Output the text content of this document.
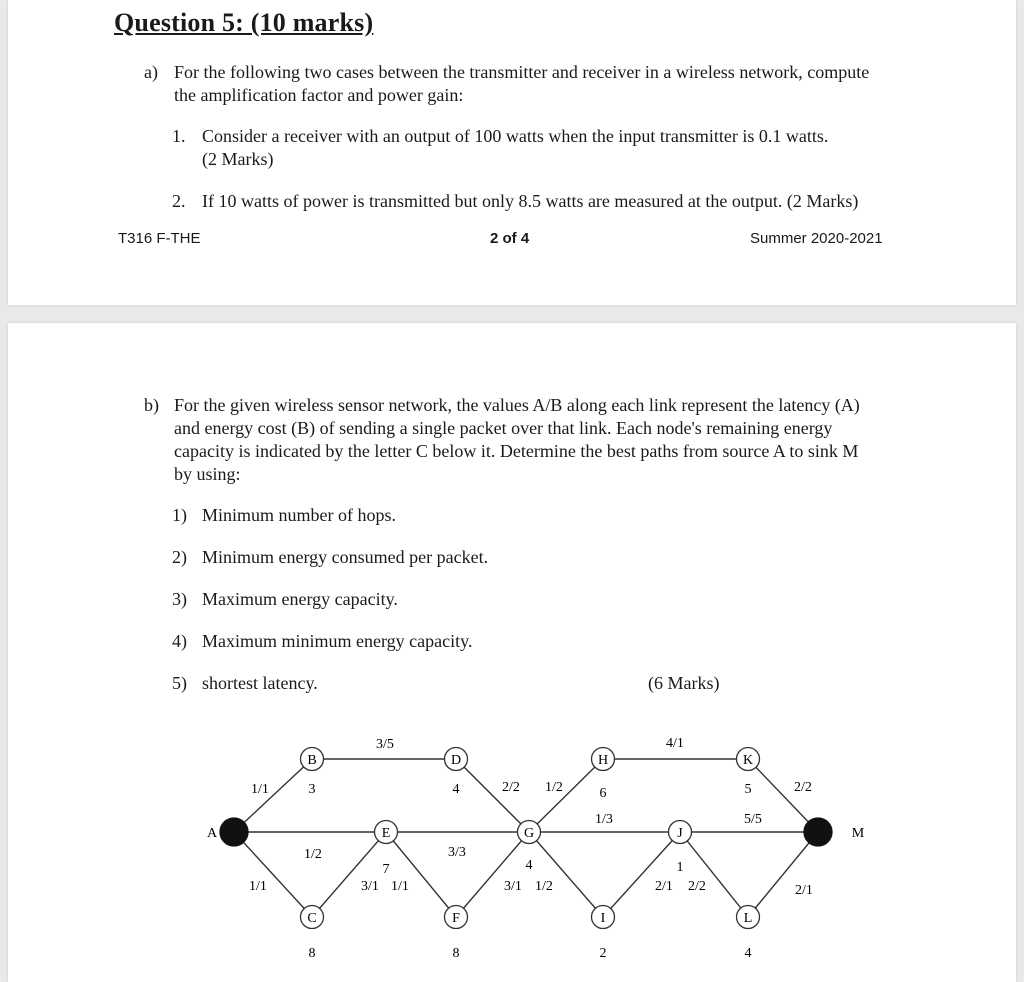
Question 5: (10 marks)
a) For the following two cases between the transmitter and receiver in a wireless network, compute
the amplification factor and power gain:
1. Consider a receiver with an output of 100 watts when the input transmitter is 0.1 watts.
(2 Marks)
2. If 10 watts of power is transmitted but only 8.5 watts are measured at the output. (2 Marks)
T316 F-THE	2 of 4	Summer 2020-2021
b) For the given wireless sensor network, the values A/B along each link represent the latency (A)
and energy cost (B) of sending a single packet over that link. Each node's remaining energy
capacity is indicated by the letter C below it. Determine the best paths from source A to sink M
by using:
1) Minimum number of hops.
2) Minimum energy consumed per packet.
3) Maximum energy capacity.
4) Maximum minimum energy capacity.
5) shortest latency.	(6 Marks)
1/1
1/1
1/2
3/5
3/1 1/1
3/3
2/2 1/2
3/1 1/2
1/3
4/1
2/1 2/2
5/5
2/2
2/1
A
B
3
C
8
D
4
E
7
F
8
G
4
H
6
I
2
J
1
K
5
L
4
M
